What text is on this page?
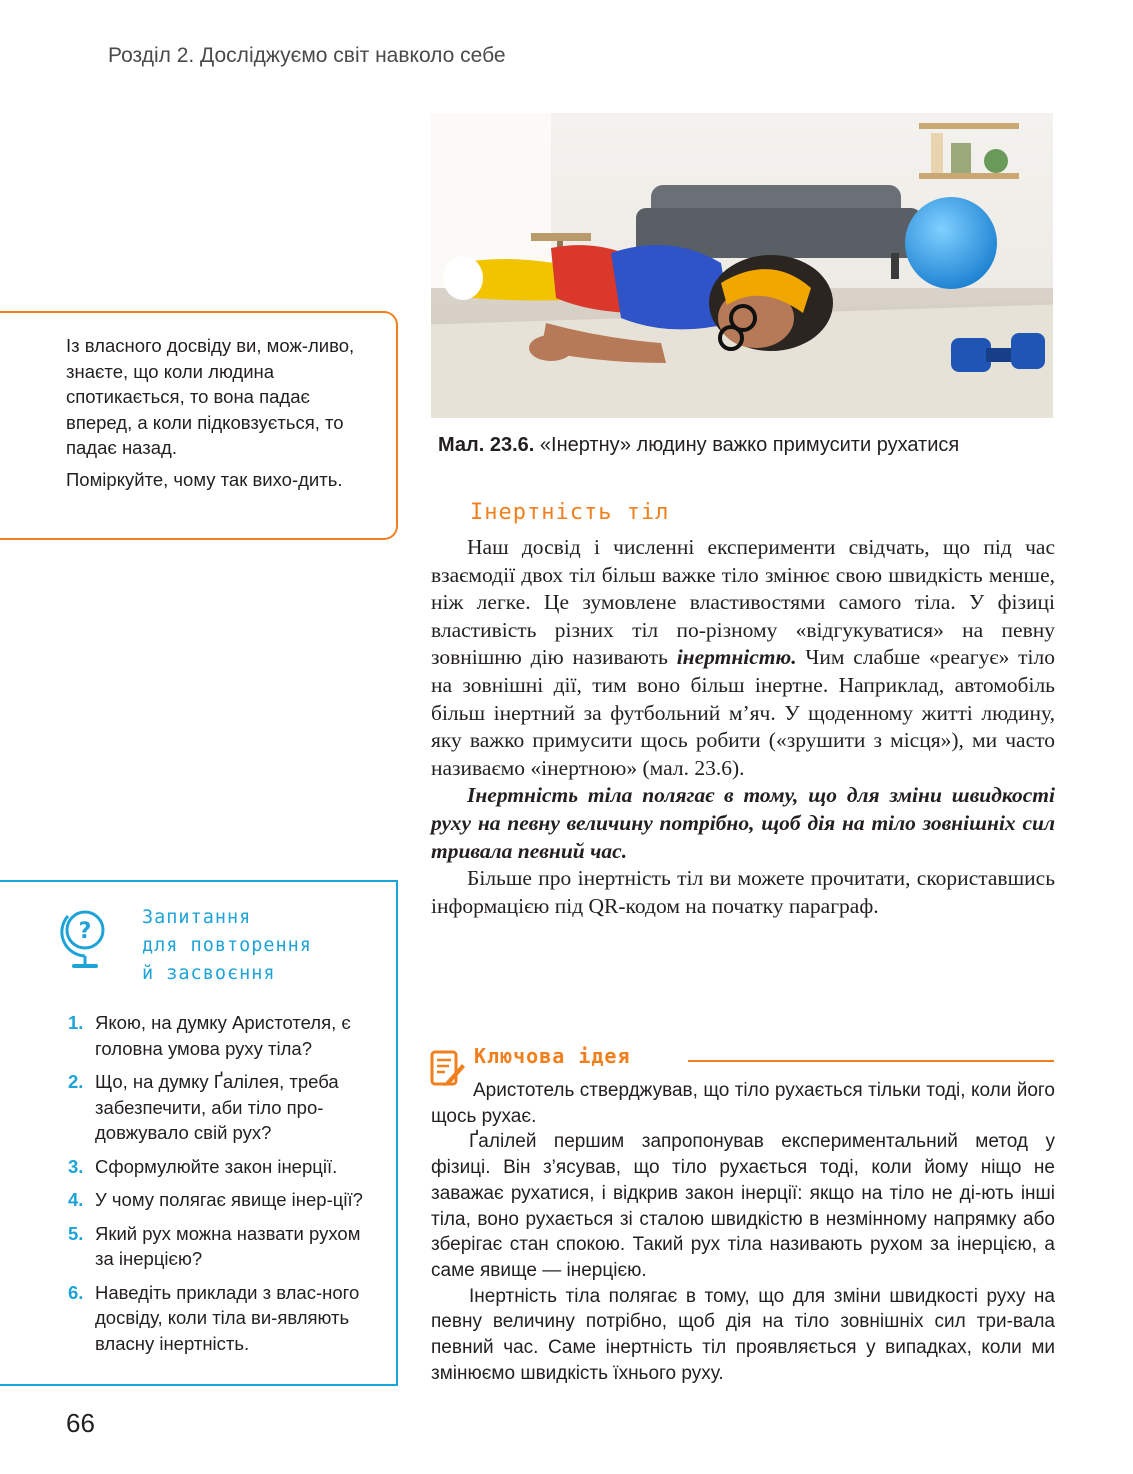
Розділ 2. Досліджуємо світ навколо себе
Мал. 23.6. «Інертну» людину важко примусити рухатися

Із власного досвіду ви, мож-ливо, знаєте, що коли людина спотикається, то вона падає вперед, а коли підковзується, то падає назад.

Поміркуйте, чому так вихо-дить.

Інертність тіл

Наш досвід і численні експерименти свідчать, що під час взаємодії двох тіл більш важке тіло змінює свою швидкість менше, ніж легке. Це зумовлене властивостями самого тіла. У фізиці властивість різних тіл по-різному «відгукуватися» на певну зовнішню дію називають інертністю. Чим слабше «реагує» тіло на зовнішні дії, тим воно більш інертне. Наприклад, автомобіль більш інертний за футбольний м’яч. У щоденному житті людину, яку важко примусити щось робити («зрушити з місця»), ми часто називаємо «інертною» (мал. 23.6).

Інертність тіла полягає в тому, що для зміни швидкості руху на певну величину потрібно, щоб дія на тіло зовнішніх сил тривала певний час.

Більше про інертність тіл ви можете прочитати, скориставшись інформацією під QR-кодом на початку параграф.

?
Запитання
для повторення
й засвоєння
1. Якою, на думку Аристотеля, є головна умова руху тіла?
2. Що, на думку Ґалілея, треба забезпечити, аби тіло про-довжувало свій рух?
3. Сформулюйте закон інерції.
4. У чому полягає явище інер-ції?
5. Який рух можна назвати рухом за інерцією?
6. Наведіть приклади з влас-ного досвіду, коли тіла ви-являють власну інертність.
Ключова ідея

Аристотель стверджував, що тіло рухається тільки тоді, коли його щось рухає.

Ґалілей першим запропонував експериментальний метод у фізиці. Він з’ясував, що тіло рухається тоді, коли йому ніщо не заважає рухатися, і відкрив закон інерції: якщо на тіло не ді-ють інші тіла, воно рухається зі сталою швидкістю в незмінному напрямку або зберігає стан спокою. Такий рух тіла називають рухом за інерцією, а саме явище — інерцією.

Інертність тіла полягає в тому, що для зміни швидкості руху на певну величину потрібно, щоб дія на тіло зовнішніх сил три-вала певний час. Саме інертність тіл проявляється у випадках, коли ми змінюємо швидкість їхнього руху.

66
